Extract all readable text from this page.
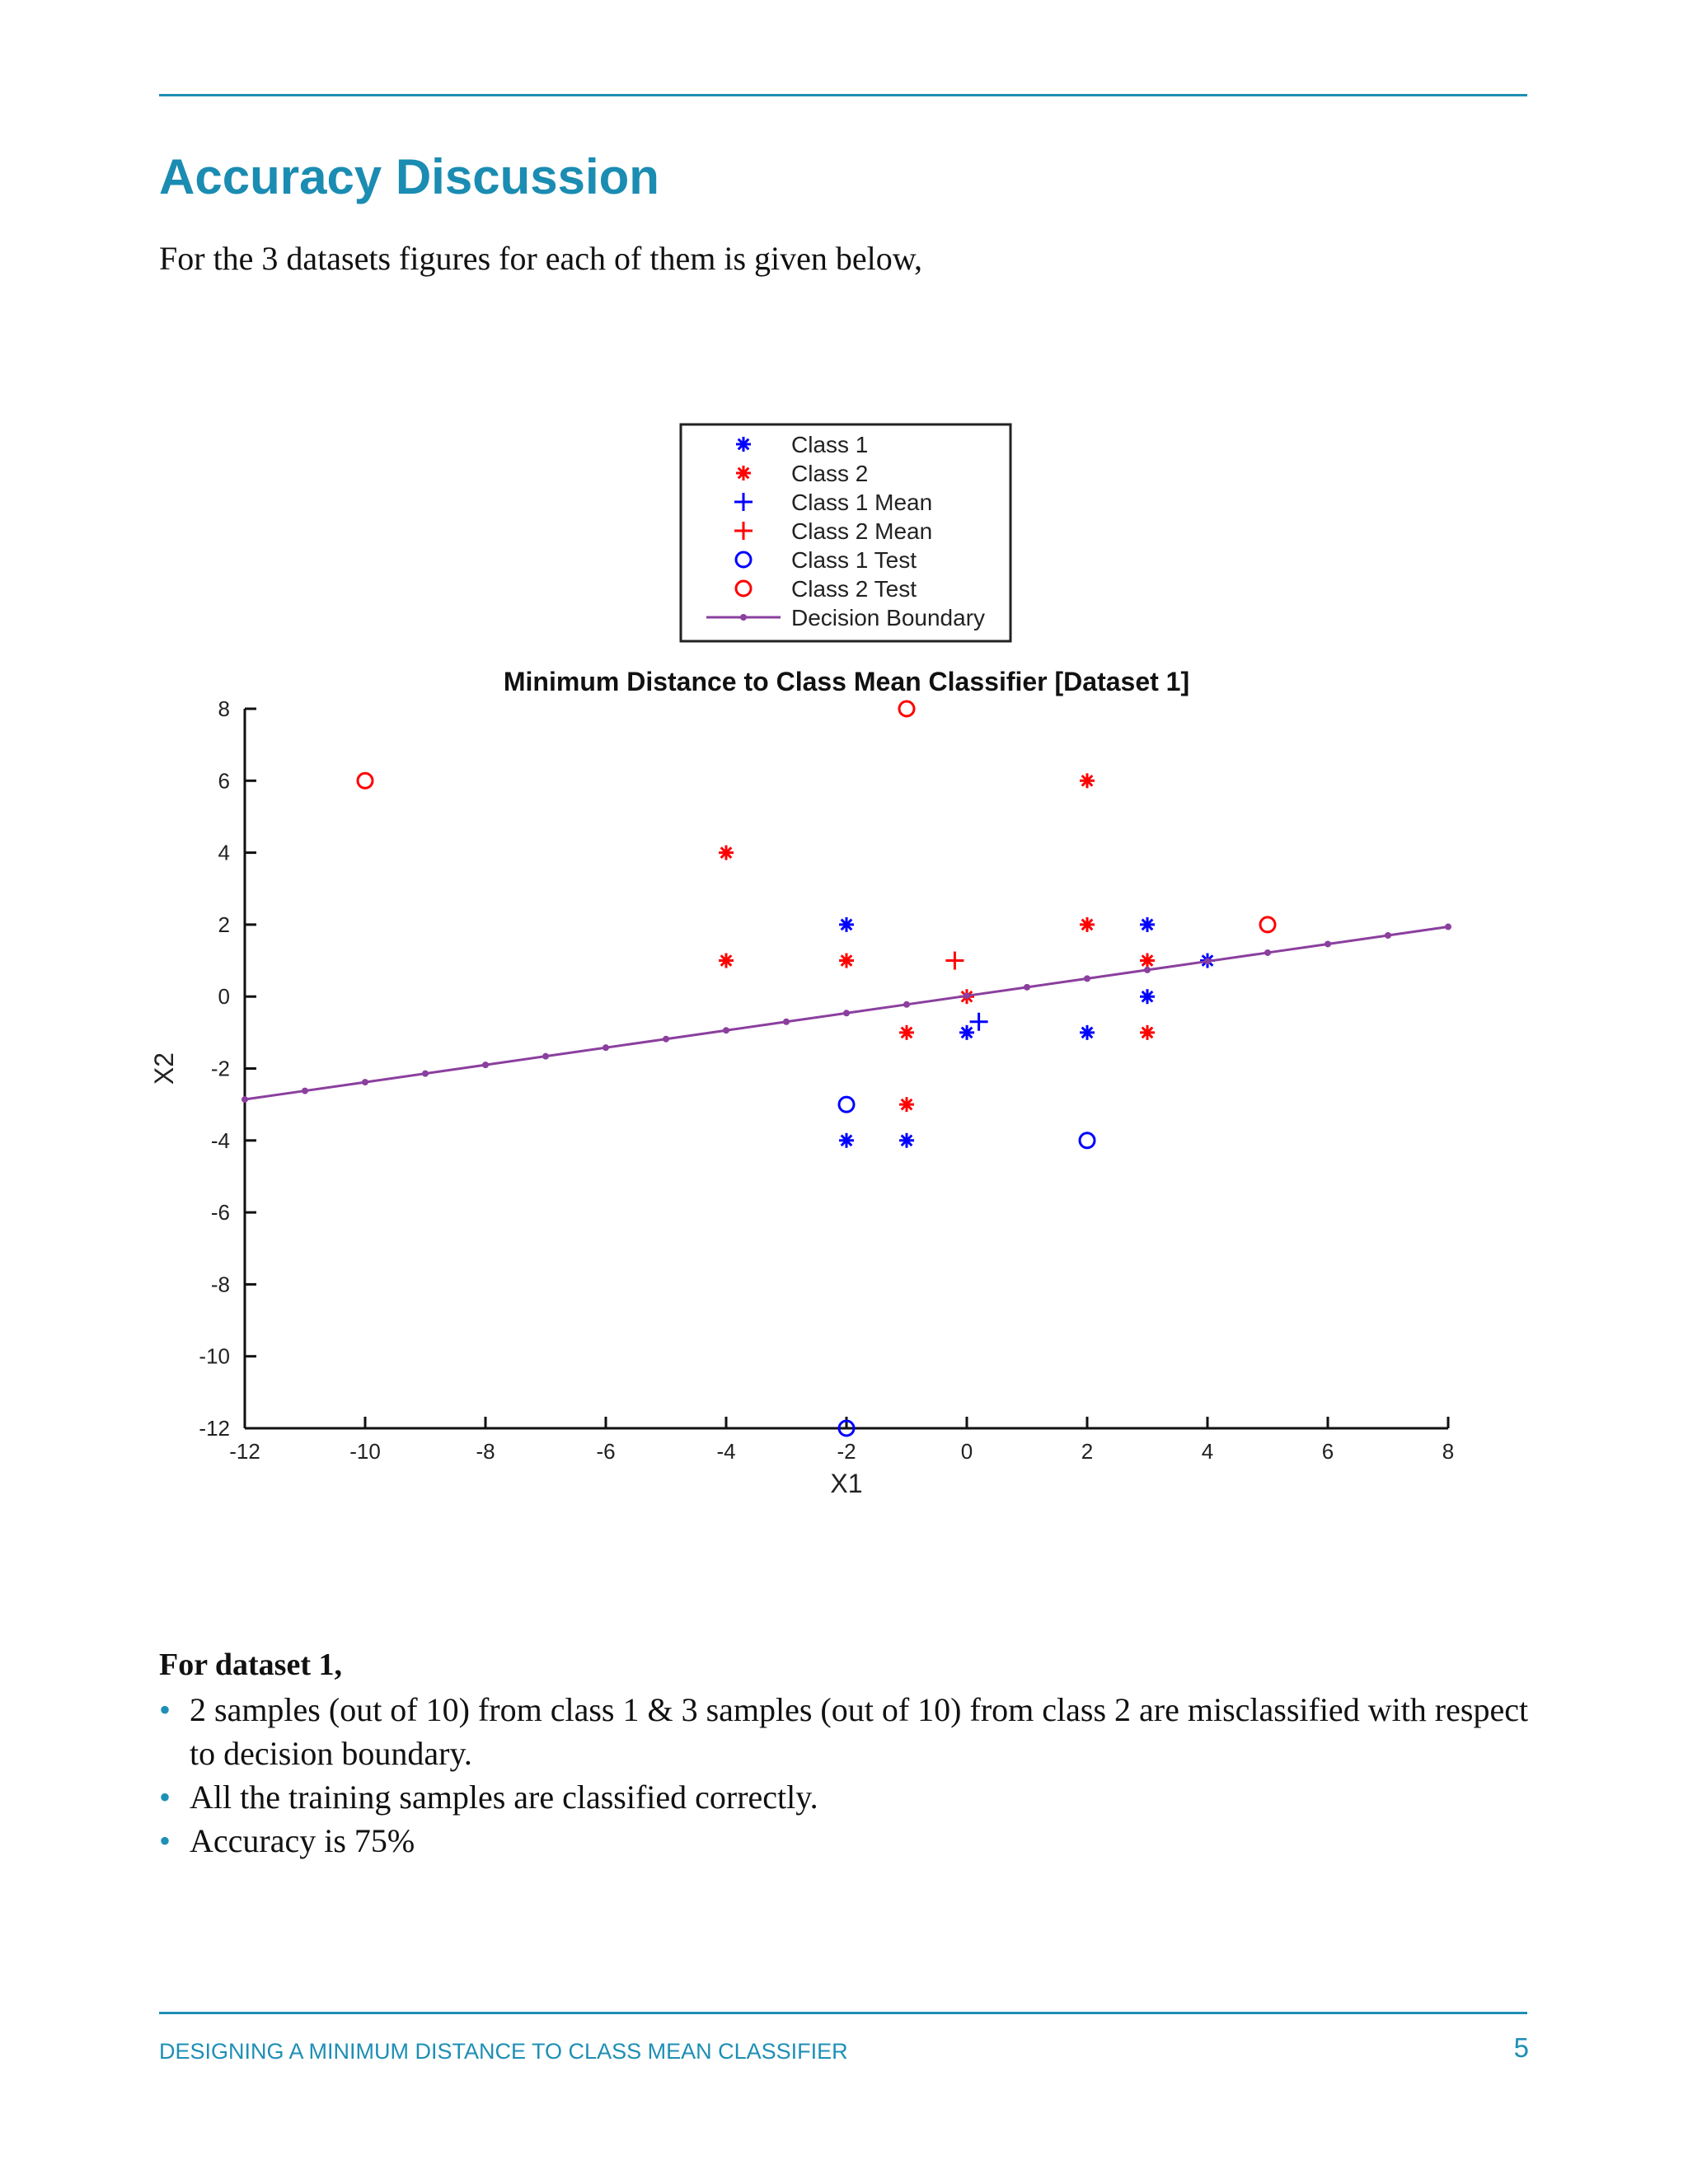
Accuracy Discussion

For the 3 datasets figures for each of them is given below,

Class 1
Class 2
Class 1 Mean
Class 2 Mean
Class 1 Test
Class 2 Test
Decision Boundary
Minimum Distance to Class Mean Classifier [Dataset 1]
-12	-10	-8	-6	-4	-2	0	2	4	6	8
8
6
4
2
0
-2
-4
-6
-8
-10
-12
X1
X2

For dataset 1,

• 2 samples (out of 10) from class 1 & 3 samples (out of 10) from class 2 are misclassified with respect to decision boundary.
• All the training samples are classified correctly.
• Accuracy is 75%
DESIGNING A MINIMUM DISTANCE TO CLASS MEAN CLASSIFIER	5
